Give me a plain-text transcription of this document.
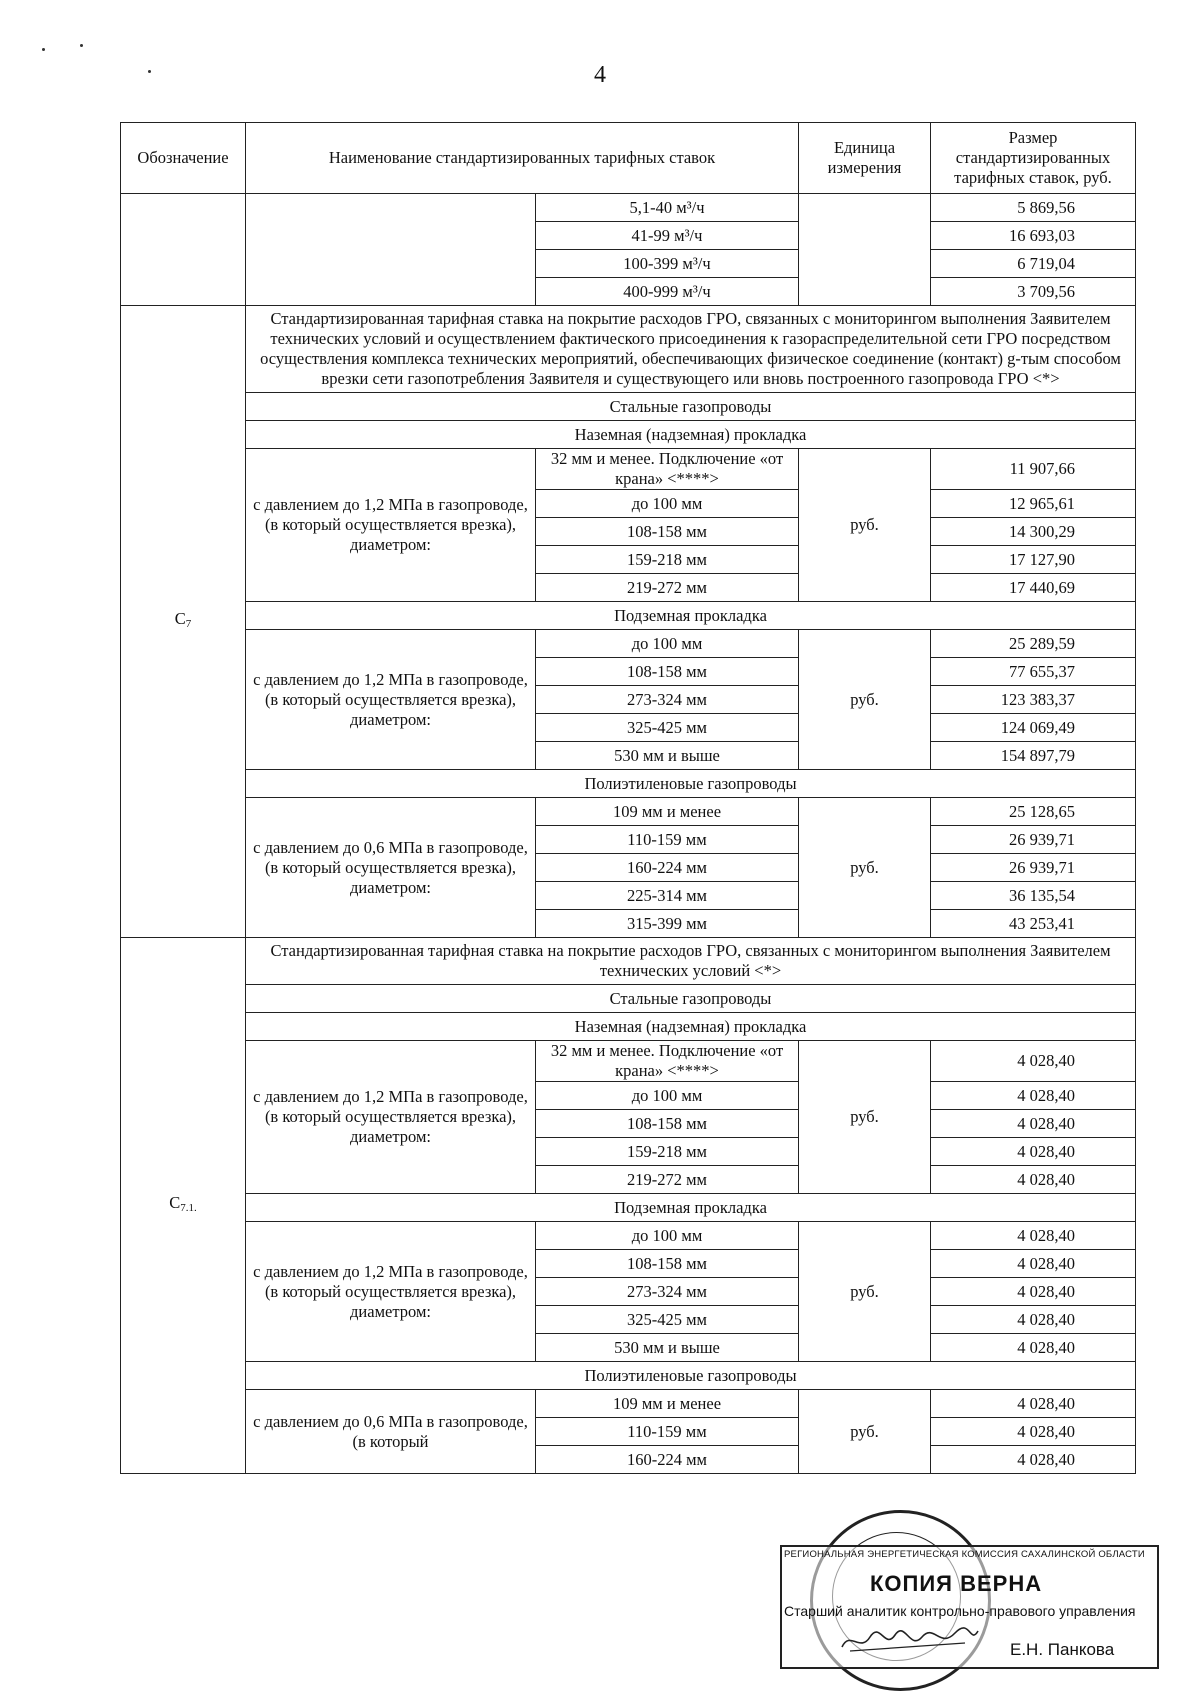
4
Обозначение	Наименование стандартизированных тарифных ставок		Единица измерения	Размер стандартизированных тарифных ставок, руб.
		5,1-40 м³/ч		5 869,56
		41-99 м³/ч		16 693,03
		100-399 м³/ч		6 719,04
		400-999 м³/ч		3 709,56
$С_7$	Стандартизированная тарифная ставка на покрытие расходов ГРО, связанных с мониторингом выполнения Заявителем технических условий и осуществлением фактического присоединения к газораспределительной сети ГРО посредством осуществления комплекса технических мероприятий, обеспечивающих физическое соединение (контакт) g-тым способом врезки сети газопотребления Заявителя и существующего или вновь построенного газопровода ГРО <*>			
	Стальные газопроводы			
	Наземная (надземная) прокладка			
	с давлением до 1,2 МПа в газопроводе, (в который осуществляется врезка), диаметром:	32 мм и менее. Подключение «от крана» <****>	руб.	11 907,66
		до 100 мм		12 965,61
		108-158 мм		14 300,29
		159-218 мм		17 127,90
		219-272 мм		17 440,69
	Подземная прокладка			
	с давлением до 1,2 МПа в газопроводе, (в который осуществляется врезка), диаметром:	до 100 мм	руб.	25 289,59
		108-158 мм		77 655,37
		273-324 мм		123 383,37
		325-425 мм		124 069,49
		530 мм и выше		154 897,79
	Полиэтиленовые газопроводы			
	с давлением до 0,6 МПа в газопроводе, (в который осуществляется врезка), диаметром:	109 мм и менее	руб.	25 128,65
		110-159 мм		26 939,71
		160-224 мм		26 939,71
		225-314 мм		36 135,54
		315-399 мм		43 253,41
$С_{7.1.}$	Стандартизированная тарифная ставка на покрытие расходов ГРО, связанных с мониторингом выполнения Заявителем технических условий <*>			
	Стальные газопроводы			
	Наземная (надземная) прокладка			
	с давлением до 1,2 МПа в газопроводе, (в который осуществляется врезка), диаметром:	32 мм и менее. Подключение «от крана» <****>	руб.	4 028,40
		до 100 мм		4 028,40
		108-158 мм		4 028,40
		159-218 мм		4 028,40
		219-272 мм		4 028,40
	Подземная прокладка			
	с давлением до 1,2 МПа в газопроводе, (в который осуществляется врезка), диаметром:	до 100 мм	руб.	4 028,40
		108-158 мм		4 028,40
		273-324 мм		4 028,40
		325-425 мм		4 028,40
		530 мм и выше		4 028,40
	Полиэтиленовые газопроводы			
	с давлением до 0,6 МПа в газопроводе, (в который	109 мм и менее	руб.	4 028,40
		110-159 мм		4 028,40
		160-224 мм		4 028,40
РЕГИОНАЛЬНАЯ ЭНЕРГЕТИЧЕСКАЯ КОМИССИЯ САХАЛИНСКОЙ ОБЛАСТИ
КОПИЯ ВЕРНА
Старший аналитик контрольно-правового управления
Е.Н. Панкова
